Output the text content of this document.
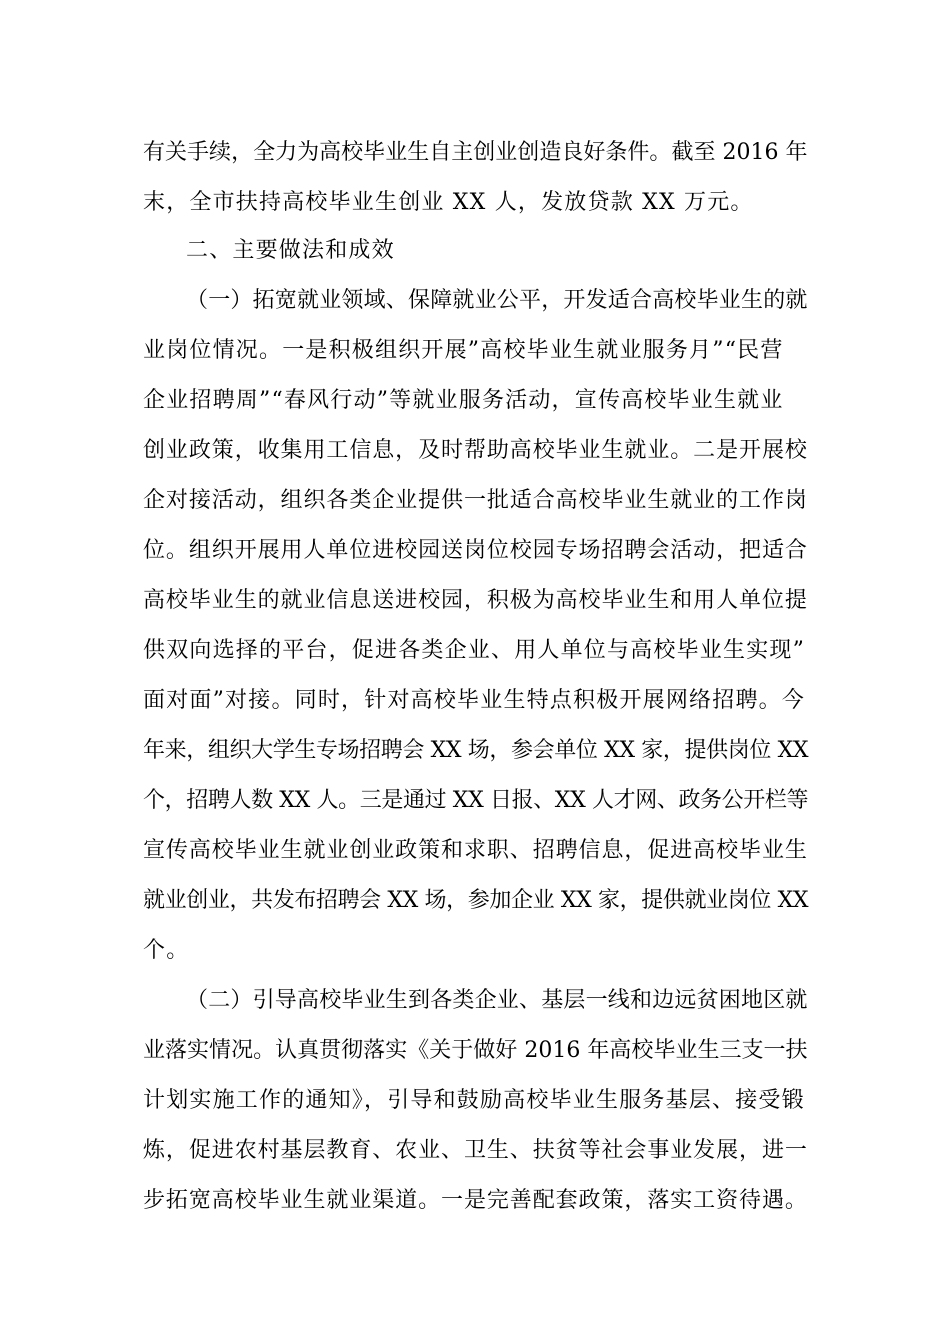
有关手续，全力为高校毕业生自主创业创造良好条件。截至 2016 年
末，全市扶持高校毕业生创业 XX 人，发放贷款 XX 万元。
二、主要做法和成效
（一）拓宽就业领域、保障就业公平，开发适合高校毕业生的就
业岗位情况。一是积极组织开展”高校毕业生就业服务月”“民营
企业招聘周”“春风行动”等就业服务活动，宣传高校毕业生就业
创业政策，收集用工信息，及时帮助高校毕业生就业。二是开展校
企对接活动，组织各类企业提供一批适合高校毕业生就业的工作岗
位。组织开展用人单位进校园送岗位校园专场招聘会活动，把适合
高校毕业生的就业信息送进校园，积极为高校毕业生和用人单位提
供双向选择的平台，促进各类企业、用人单位与高校毕业生实现”
面对面”对接。同时，针对高校毕业生特点积极开展网络招聘。今
年来，组织大学生专场招聘会 XX 场，参会单位 XX 家，提供岗位 XX
个，招聘人数 XX 人。三是通过 XX 日报、XX 人才网、政务公开栏等
宣传高校毕业生就业创业政策和求职、招聘信息，促进高校毕业生
就业创业，共发布招聘会 XX 场，参加企业 XX 家，提供就业岗位 XX
个。
（二）引导高校毕业生到各类企业、基层一线和边远贫困地区就
业落实情况。认真贯彻落实《关于做好 2016 年高校毕业生三支一扶
计划实施工作的通知》，引导和鼓励高校毕业生服务基层、接受锻
炼，促进农村基层教育、农业、卫生、扶贫等社会事业发展，进一
步拓宽高校毕业生就业渠道。一是完善配套政策，落实工资待遇。
